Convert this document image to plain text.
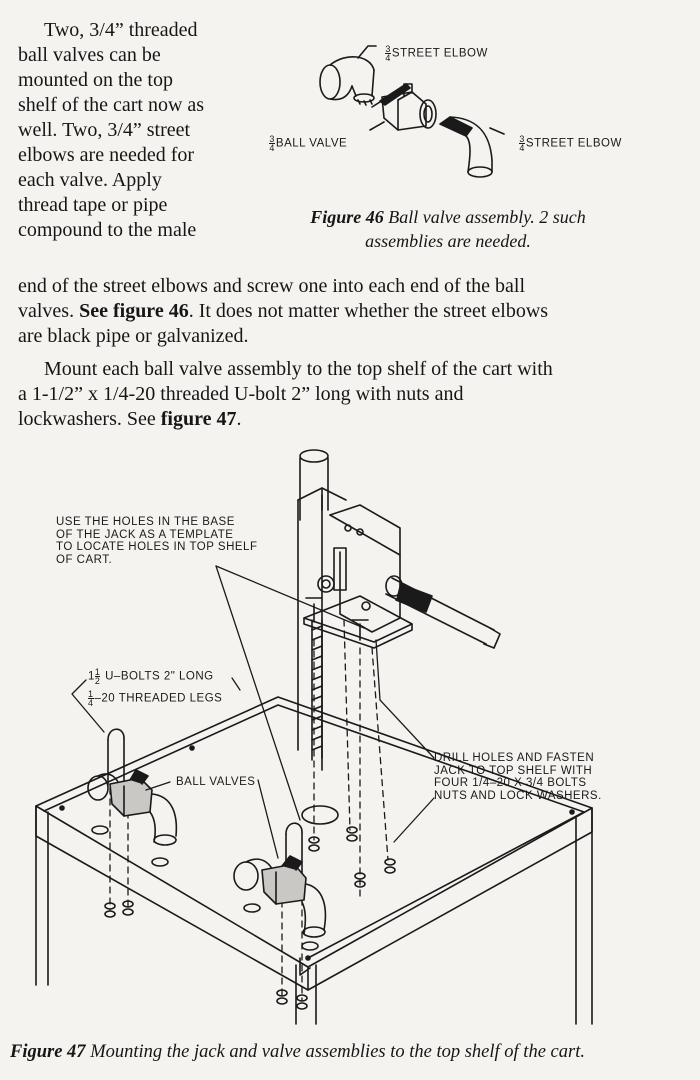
Two, 3/4” threaded
ball valves can be
mounted on the top
shelf of the cart now as
well. Two, 3/4” street
elbows are needed for
each valve. Apply
thread tape or pipe
compound to the male
end of the street elbows and screw one into each end of the ball
valves. See figure 46. It does not matter whether the street elbows
are black pipe or galvanized.
Mount each ball valve assembly to the top shelf of the cart with
a 1-1/2” x 1/4-20 threaded U-bolt 2” long with nuts and
lockwashers. See figure 47.

$\frac{3}{4}$ STREET ELBOW

$\frac{3}{4}$ BALL VALVE

	$\frac{3}{4}$ STREET ELBOW

Figure 46 Ball valve assembly. 2 such
assemblies are needed.
USE THE HOLES IN THE BASE
OF THE JACK AS A TEMPLATE
TO LOCATE HOLES IN TOP SHELF
OF CART.
$1 \frac{1}{2}$ U–BOLTS 2" LONG
$\frac{1}{4} -20$ THREADED LEGS
BALL VALVES
DRILL HOLES AND FASTEN
JACK TO TOP SHELF WITH
FOUR 1/4–20 X 3/4 BOLTS
NUTS AND LOCK WASHERS.
Figure 47 Mounting the jack and valve assemblies to the top shelf of the cart.
